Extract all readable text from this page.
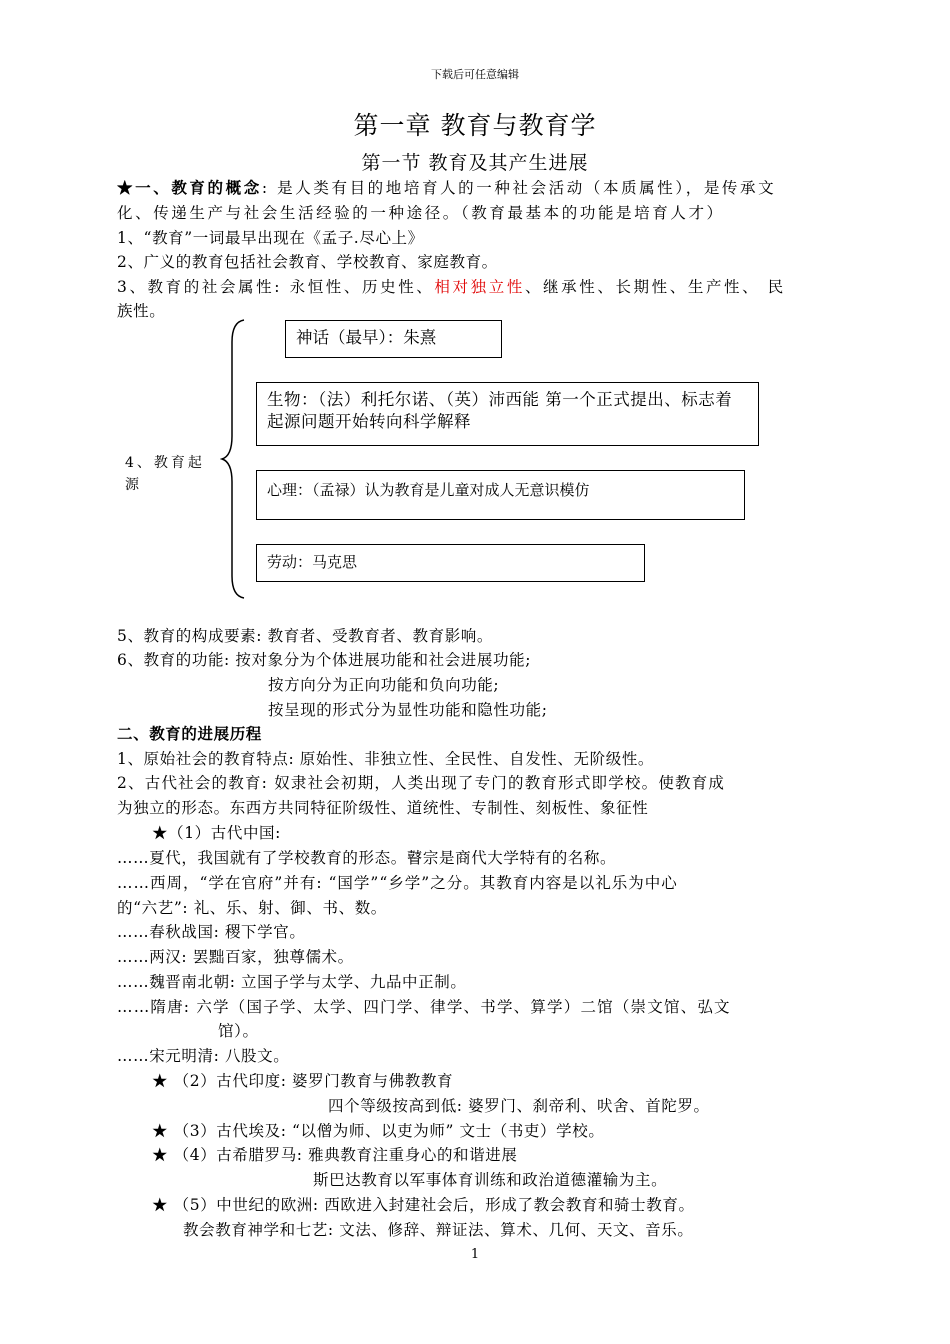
下载后可任意编辑
第一章 教育与教育学
第一节 教育及其产生进展
★一、教育的概念: 是人类有目的地培育人的一种社会活动（本质属性），是传承文
化、传递生产与社会生活经验的一种途径。（教育最基本的功能是培育人才）
1、“教育”一词最早出现在《孟子.尽心上》
2、广义的教育包括社会教育、学校教育、家庭教育。
3、教育的社会属性: 永恒性、历史性、相对独立性、继承性、长期性、生产性、 民
族性。
4、教育起源
神话（最早）：朱熹
生物：（法）利托尔诺、（英）沛西能 第一个正式提出、标志着起源问题开始转向科学解释
心理：（孟禄）认为教育是儿童对成人无意识模仿
劳动：马克思
5、教育的构成要素: 教育者、受教育者、教育影响。
6、教育的功能: 按对象分为个体进展功能和社会进展功能;
按方向分为正向功能和负向功能;
按呈现的形式分为显性功能和隐性功能;
二、教育的进展历程
1、原始社会的教育特点: 原始性、非独立性、全民性、自发性、无阶级性。
2、古代社会的教育: 奴隶社会初期，人类出现了专门的教育形式即学校。使教育成
为独立的形态。东西方共同特征阶级性、道统性、专制性、刻板性、象征性
★（1）古代中国:
……夏代，我国就有了学校教育的形态。瞽宗是商代大学特有的名称。
……西周，“学在官府”并有: “国学”“乡学”之分。其教育内容是以礼乐为中心
的“六艺”: 礼、乐、射、御、书、数。
……春秋战国: 稷下学官。
……两汉: 罢黜百家，独尊儒术。
……魏晋南北朝: 立国子学与太学、九品中正制。
……隋唐: 六学（国子学、太学、四门学、律学、书学、算学）二馆（崇文馆、弘文
馆）。
……宋元明清: 八股文。
★ （2）古代印度: 婆罗门教育与佛教教育
四个等级按高到低: 婆罗门、刹帝利、吠舍、首陀罗。
★ （3）古代埃及: “以僧为师、以吏为师” 文士（书吏）学校。
★ （4）古希腊罗马: 雅典教育注重身心的和谐进展
斯巴达教育以军事体育训练和政治道德灌输为主。
★ （5）中世纪的欧洲: 西欧进入封建社会后，形成了教会教育和骑士教育。
教会教育神学和七艺: 文法、修辞、辩证法、算术、几何、天文、音乐。
1
